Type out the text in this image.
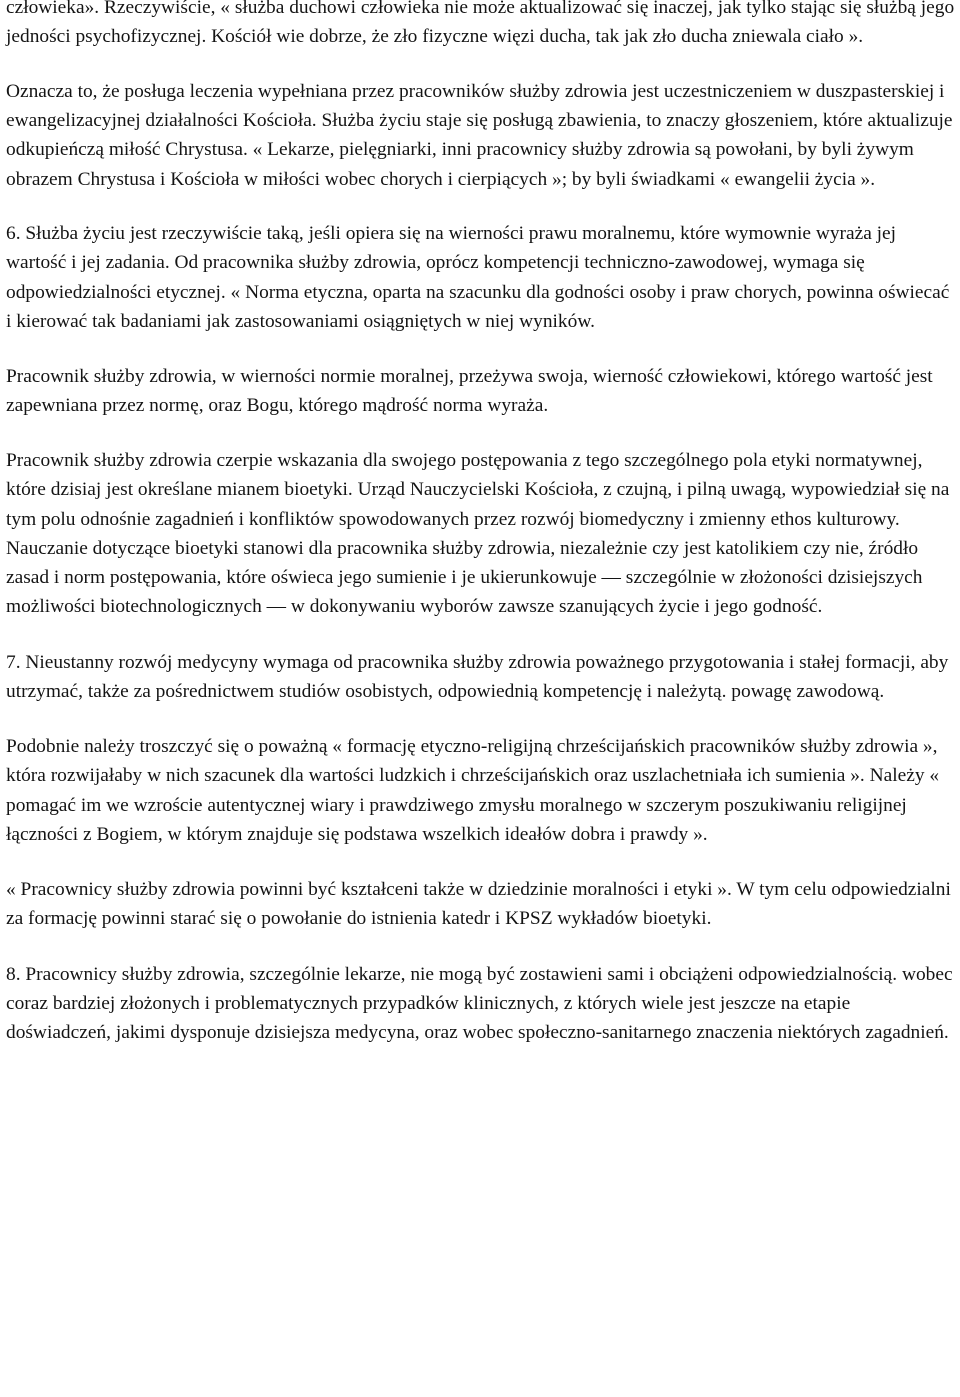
człowieka». Rzeczywiście, « służba duchowi człowieka nie może aktualizować się inaczej, jak tylko stając się służbą jego jedności psychofizycznej. Kościół wie dobrze, że zło fizyczne więzi ducha, tak jak zło ducha zniewala ciało ».

Oznacza to, że posługa leczenia wypełniana przez pracowników służby zdrowia jest uczestniczeniem w duszpasterskiej i ewangelizacyjnej działalności Kościoła. Służba życiu staje się posługą zbawienia, to znaczy głoszeniem, które aktualizuje odkupieńczą miłość Chrystusa. « Lekarze, pielęgniarki, inni pracownicy służby zdrowia są powołani, by byli żywym obrazem Chrystusa i Kościoła w miłości wobec chorych i cierpiących »; by byli świadkami « ewangelii życia ».

6. Służba życiu jest rzeczywiście taką, jeśli opiera się na wierności prawu moralnemu, które wymownie wyraża jej wartość i jej zadania. Od pracownika służby zdrowia, oprócz kompetencji techniczno-zawodowej, wymaga się odpowiedzialności etycznej. « Norma etyczna, oparta na szacunku dla godności osoby i praw chorych, powinna oświecać i kierować tak badaniami jak zastosowaniami osiągniętych w niej wyników.

Pracownik służby zdrowia, w wierności normie moralnej, przeżywa swoja, wierność człowiekowi, którego wartość jest zapewniana przez normę, oraz Bogu, którego mądrość norma wyraża.

Pracownik służby zdrowia czerpie wskazania dla swojego postępowania z tego szczególnego pola etyki normatywnej, które dzisiaj jest określane mianem bioetyki. Urząd Nauczycielski Kościoła, z czujną, i pilną uwagą, wypowiedział się na tym polu odnośnie zagadnień i konfliktów spowodowanych przez rozwój biomedyczny i zmienny ethos kulturowy. Nauczanie dotyczące bioetyki stanowi dla pracownika służby zdrowia, niezależnie czy jest katolikiem czy nie, źródło zasad i norm postępowania, które oświeca jego sumienie i je ukierunkowuje — szczególnie w złożoności dzisiejszych możliwości biotechnologicznych — w dokonywaniu wyborów zawsze szanujących życie i jego godność.

7. Nieustanny rozwój medycyny wymaga od pracownika służby zdrowia poważnego przygotowania i stałej formacji, aby utrzymać, także za pośrednictwem studiów osobistych, odpowiednią kompetencję i należytą. powagę zawodową.

Podobnie należy troszczyć się o poważną « formację etyczno-religijną chrześcijańskich pracowników służby zdrowia », która rozwijałaby w nich szacunek dla wartości ludzkich i chrześcijańskich oraz uszlachetniała ich sumienia ». Należy « pomagać im we wzroście autentycznej wiary i prawdziwego zmysłu moralnego w szczerym poszukiwaniu religijnej łączności z Bogiem, w którym znajduje się podstawa wszelkich ideałów dobra i prawdy ».

« Pracownicy służby zdrowia powinni być kształceni także w dziedzinie moralności i etyki ». W tym celu odpowiedzialni za formację powinni starać się o powołanie do istnienia katedr i KPSZ wykładów bioetyki.

8. Pracownicy służby zdrowia, szczególnie lekarze, nie mogą być zostawieni sami i obciążeni odpowiedzialnością. wobec coraz bardziej złożonych i problematycznych przypadków klinicznych, z których wiele jest jeszcze na etapie doświadczeń, jakimi dysponuje dzisiejsza medycyna, oraz wobec społeczno-sanitarnego znaczenia niektórych zagadnień.
